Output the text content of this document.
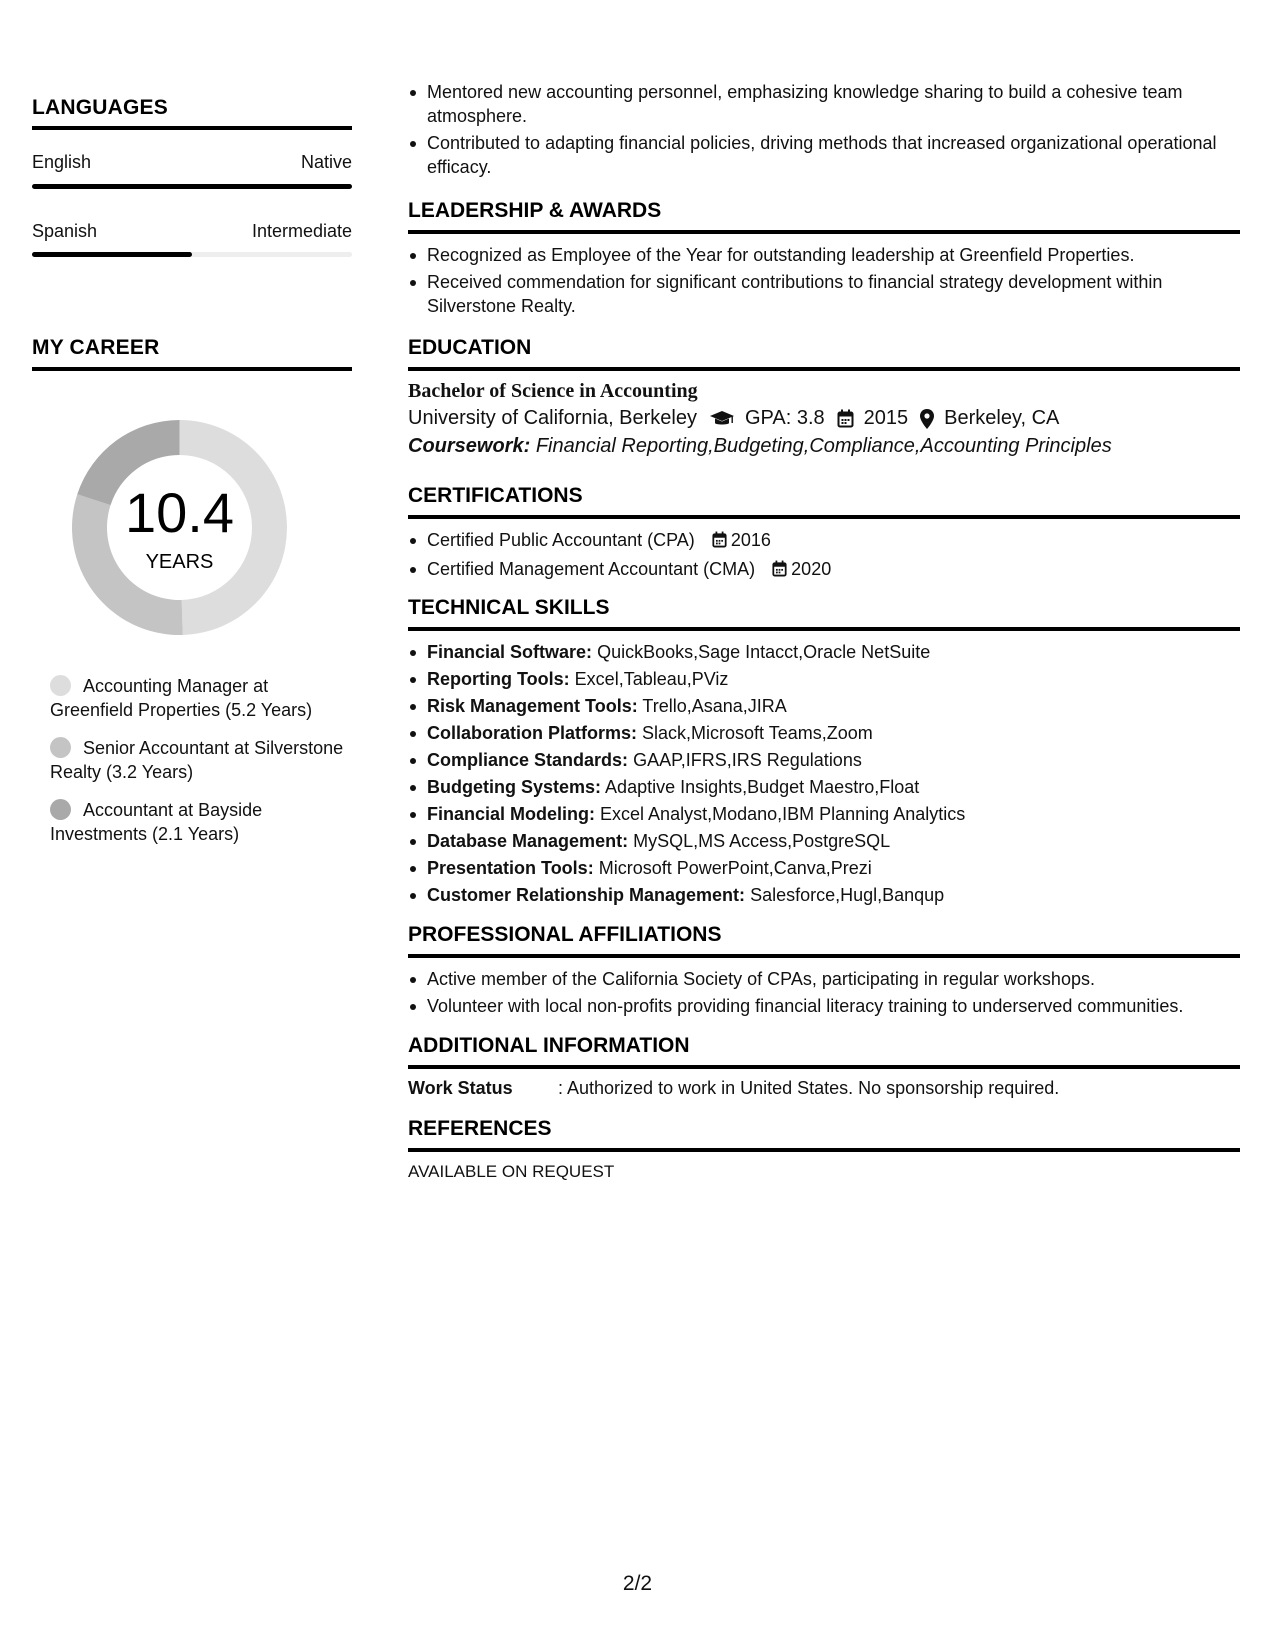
LANGUAGES
English	Native
Spanish	Intermediate
MY CAREER
10.4
YEARS
Accounting Manager at Greenfield Properties (5.2 Years)
Senior Accountant at Silverstone Realty (3.2 Years)
Accountant at Bayside Investments (2.1 Years)
Mentored new accounting personnel, emphasizing knowledge sharing to build a cohesive team atmosphere.
Contributed to adapting financial policies, driving methods that increased organizational operational efficacy.
LEADERSHIP & AWARDS
Recognized as Employee of the Year for outstanding leadership at Greenfield Properties.
Received commendation for significant contributions to financial strategy development within Silverstone Realty.
EDUCATION
Bachelor of Science in Accounting
University of California, Berkeley GPA: 3.8 2015 Berkeley, CA
Coursework: Financial Reporting,Budgeting,Compliance,Accounting Principles
CERTIFICATIONS
Certified Public Accountant (CPA) 2016
Certified Management Accountant (CMA) 2020
TECHNICAL SKILLS
Financial Software: QuickBooks,Sage Intacct,Oracle NetSuite
Reporting Tools: Excel,Tableau,PViz
Risk Management Tools: Trello,Asana,JIRA
Collaboration Platforms: Slack,Microsoft Teams,Zoom
Compliance Standards: GAAP,IFRS,IRS Regulations
Budgeting Systems: Adaptive Insights,Budget Maestro,Float
Financial Modeling: Excel Analyst,Modano,IBM Planning Analytics
Database Management: MySQL,MS Access,PostgreSQL
Presentation Tools: Microsoft PowerPoint,Canva,Prezi
Customer Relationship Management: Salesforce,Hugl,Banqup
PROFESSIONAL AFFILIATIONS
Active member of the California Society of CPAs, participating in regular workshops.
Volunteer with local non-profits providing financial literacy training to underserved communities.
ADDITIONAL INFORMATION
Work Status	: Authorized to work in United States. No sponsorship required.
REFERENCES
AVAILABLE ON REQUEST
2/2
